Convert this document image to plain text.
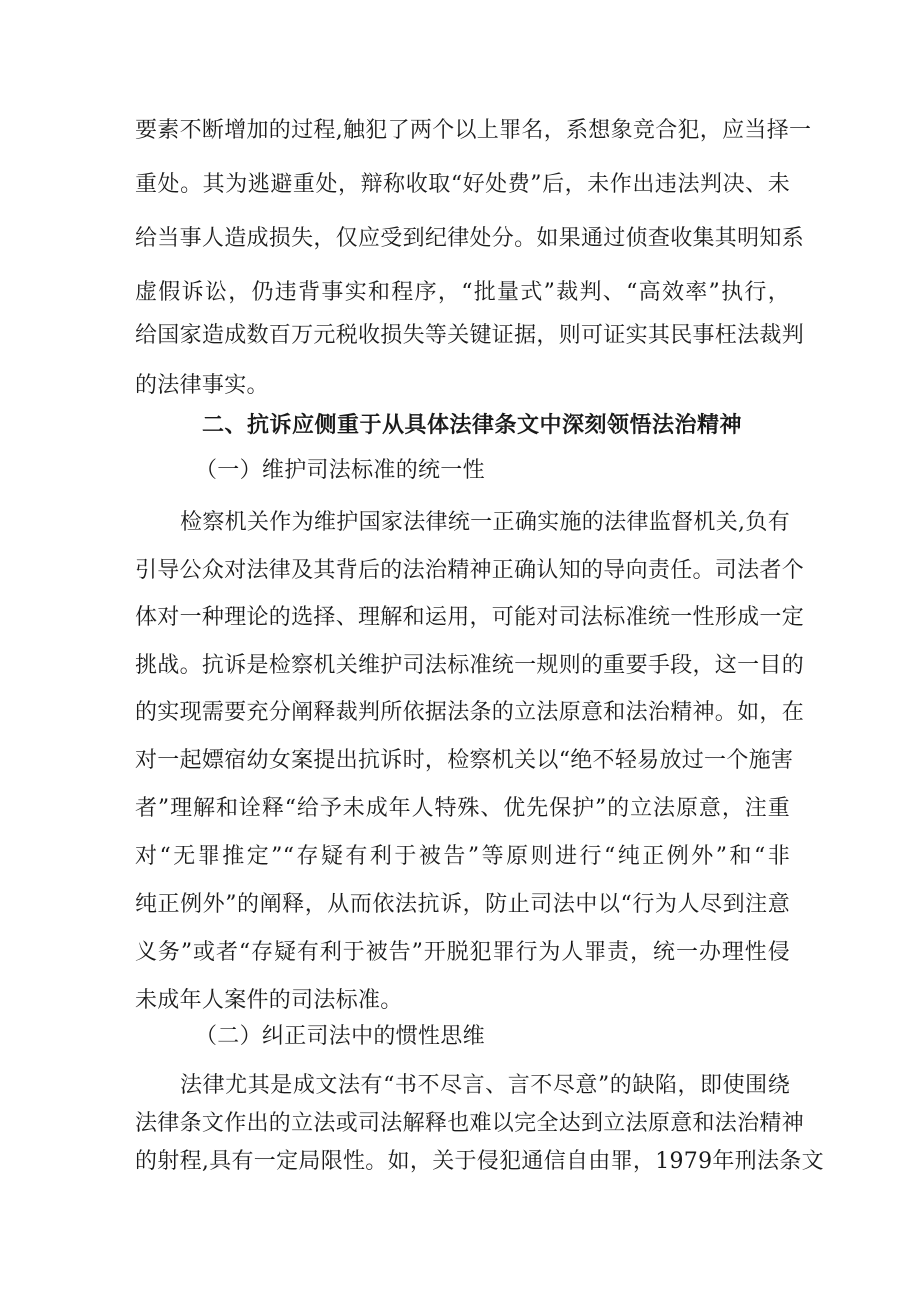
要素不断增加的过程,触犯了两个以上罪名，系想象竞合犯，应当择一
重处。其为逃避重处，辩称收取“好处费”后，未作出违法判决、未
给当事人造成损失，仅应受到纪律处分。如果通过侦查收集其明知系
虚假诉讼，仍违背事实和程序，“批量式”裁判、“高效率”执行，
给国家造成数百万元税收损失等关键证据，则可证实其民事枉法裁判
的法律事实。
二、抗诉应侧重于从具体法律条文中深刻领悟法治精神
（一）维护司法标准的统一性
检察机关作为维护国家法律统一正确实施的法律监督机关,负有
引导公众对法律及其背后的法治精神正确认知的导向责任。司法者个
体对一种理论的选择、理解和运用，可能对司法标准统一性形成一定
挑战。抗诉是检察机关维护司法标准统一规则的重要手段，这一目的
的实现需要充分阐释裁判所依据法条的立法原意和法治精神。如，在
对一起嫖宿幼女案提出抗诉时，检察机关以“绝不轻易放过一个施害
者”理解和诠释“给予未成年人特殊、优先保护”的立法原意，注重
对“无罪推定”“存疑有利于被告”等原则进行“纯正例外”和“非
纯正例外”的阐释，从而依法抗诉，防止司法中以“行为人尽到注意
义务”或者“存疑有利于被告”开脱犯罪行为人罪责，统一办理性侵
未成年人案件的司法标准。
（二）纠正司法中的惯性思维
法律尤其是成文法有“书不尽言、言不尽意”的缺陷，即使围绕
法律条文作出的立法或司法解释也难以完全达到立法原意和法治精神
的射程,具有一定局限性。如，关于侵犯通信自由罪，1979年刑法条文
